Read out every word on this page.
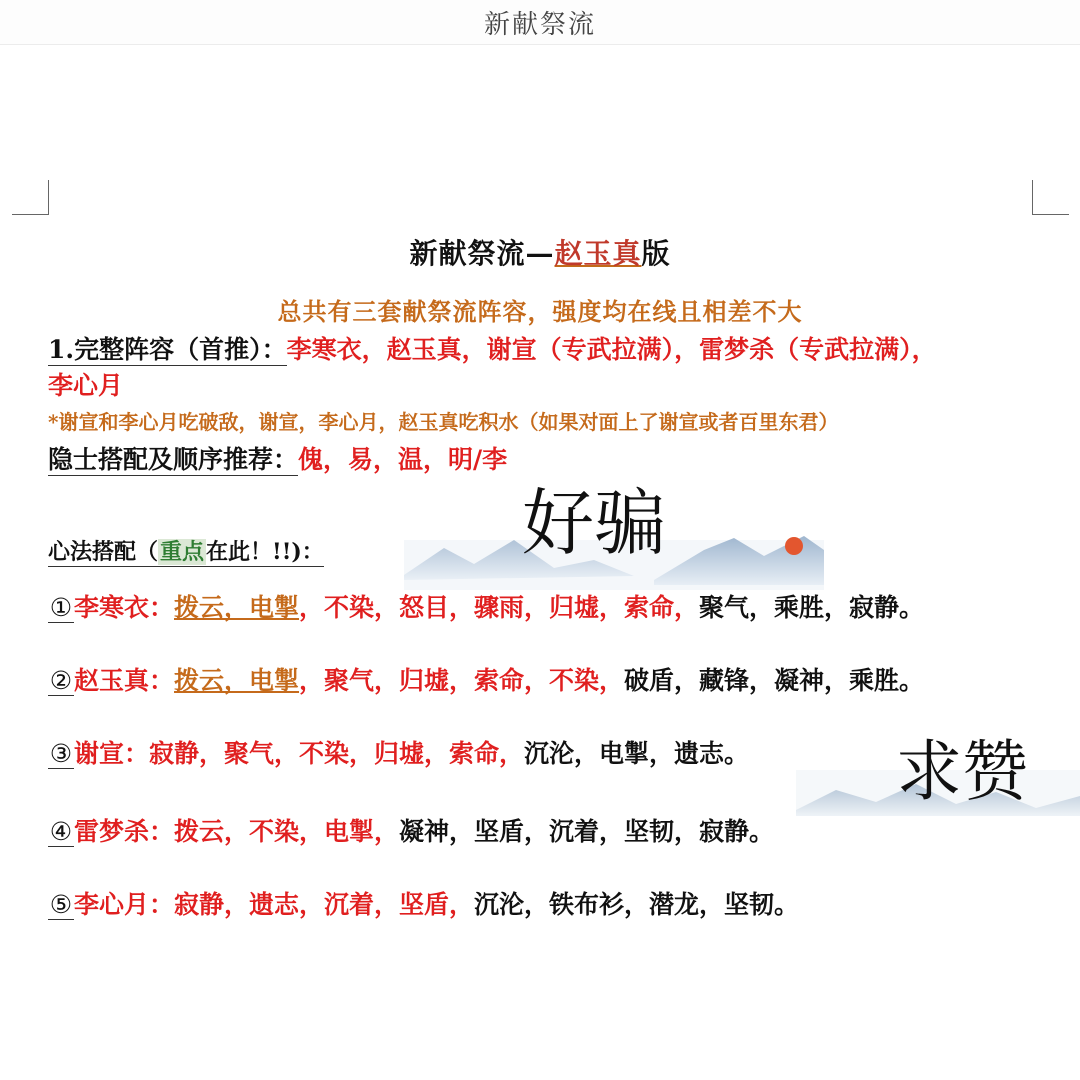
新献祭流
新献祭流—赵玉真版
总共有三套献祭流阵容，强度均在线且相差不大
1.完整阵容（首推）：李寒衣，赵玉真，谢宣（专武拉满），雷梦杀（专武拉满），
李心月
*谢宣和李心月吃破敌，谢宣，李心月，赵玉真吃积水（如果对面上了谢宣或者百里东君）
隐士搭配及顺序推荐：傀，易，温，明/李
心法搭配（重点在此！!!)：	好骗
求赞
①李寒衣：拨云，电掣，不染，怒目，骤雨，归墟，索命，聚气，乘胜，寂静。
②赵玉真：拨云，电掣，聚气，归墟，索命，不染，破盾，藏锋，凝神，乘胜。
③谢宣：寂静，聚气，不染，归墟，索命，沉沦，电掣，遗志。
④雷梦杀：拨云，不染，电掣，凝神，坚盾，沉着，坚韧，寂静。
⑤李心月：寂静，遗志，沉着，坚盾，沉沦，铁布衫，潜龙，坚韧。
